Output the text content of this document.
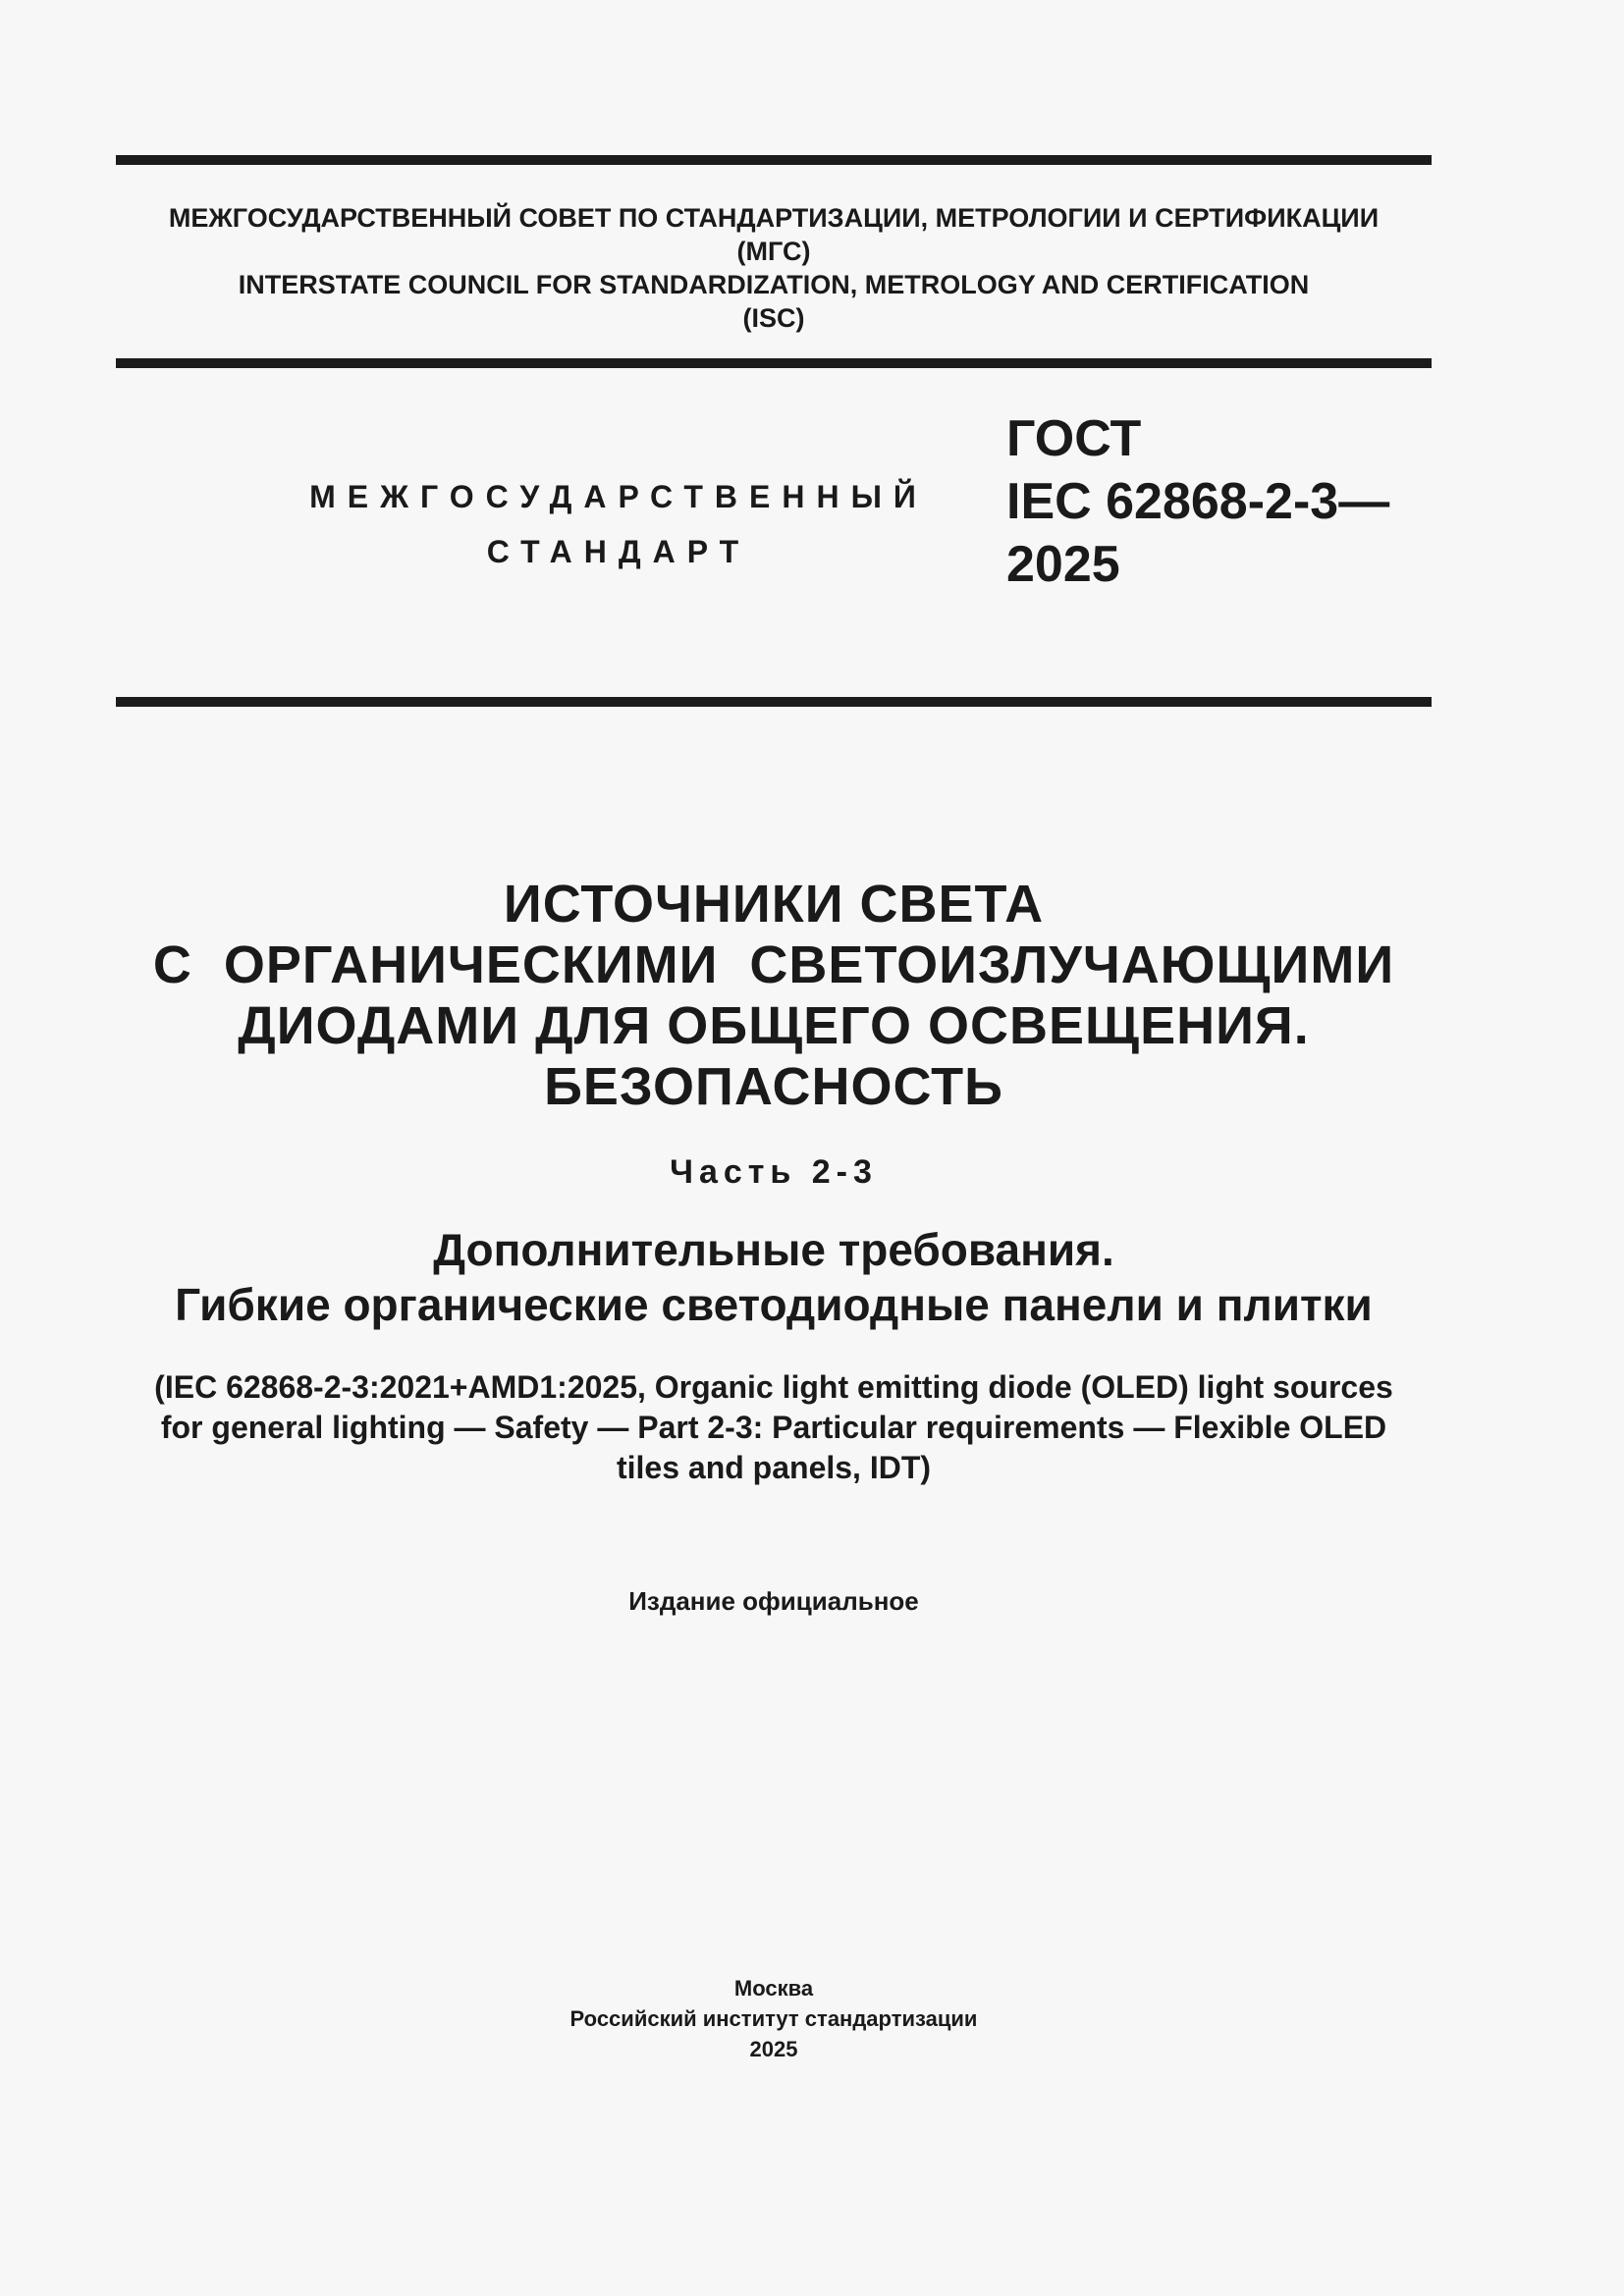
МЕЖГОСУДАРСТВЕННЫЙ СОВЕТ ПО СТАНДАРТИЗАЦИИ, МЕТРОЛОГИИ И СЕРТИФИКАЦИИ
(МГС)
INTERSTATE COUNCIL FOR STANDARDIZATION, METROLOGY AND CERTIFICATION
(ISC)
МЕЖГОСУДАРСТВЕННЫЙ
СТАНДАРТ
ГОСТ
IEC 62868-2-3—
2025
ИСТОЧНИКИ СВЕТА
С  ОРГАНИЧЕСКИМИ  СВЕТОИЗЛУЧАЮЩИМИ
ДИОДАМИ ДЛЯ ОБЩЕГО ОСВЕЩЕНИЯ.
БЕЗОПАСНОСТЬ
Часть 2-3
Дополнительные требования.
Гибкие органические светодиодные панели и плитки
(IEC 62868-2-3:2021+AMD1:2025, Organic light emitting diode (OLED) light sources
for general lighting — Safety — Part 2-3: Particular requirements — Flexible OLED
tiles and panels, IDT)
Издание официальное
Москва
Российский институт стандартизации
2025
